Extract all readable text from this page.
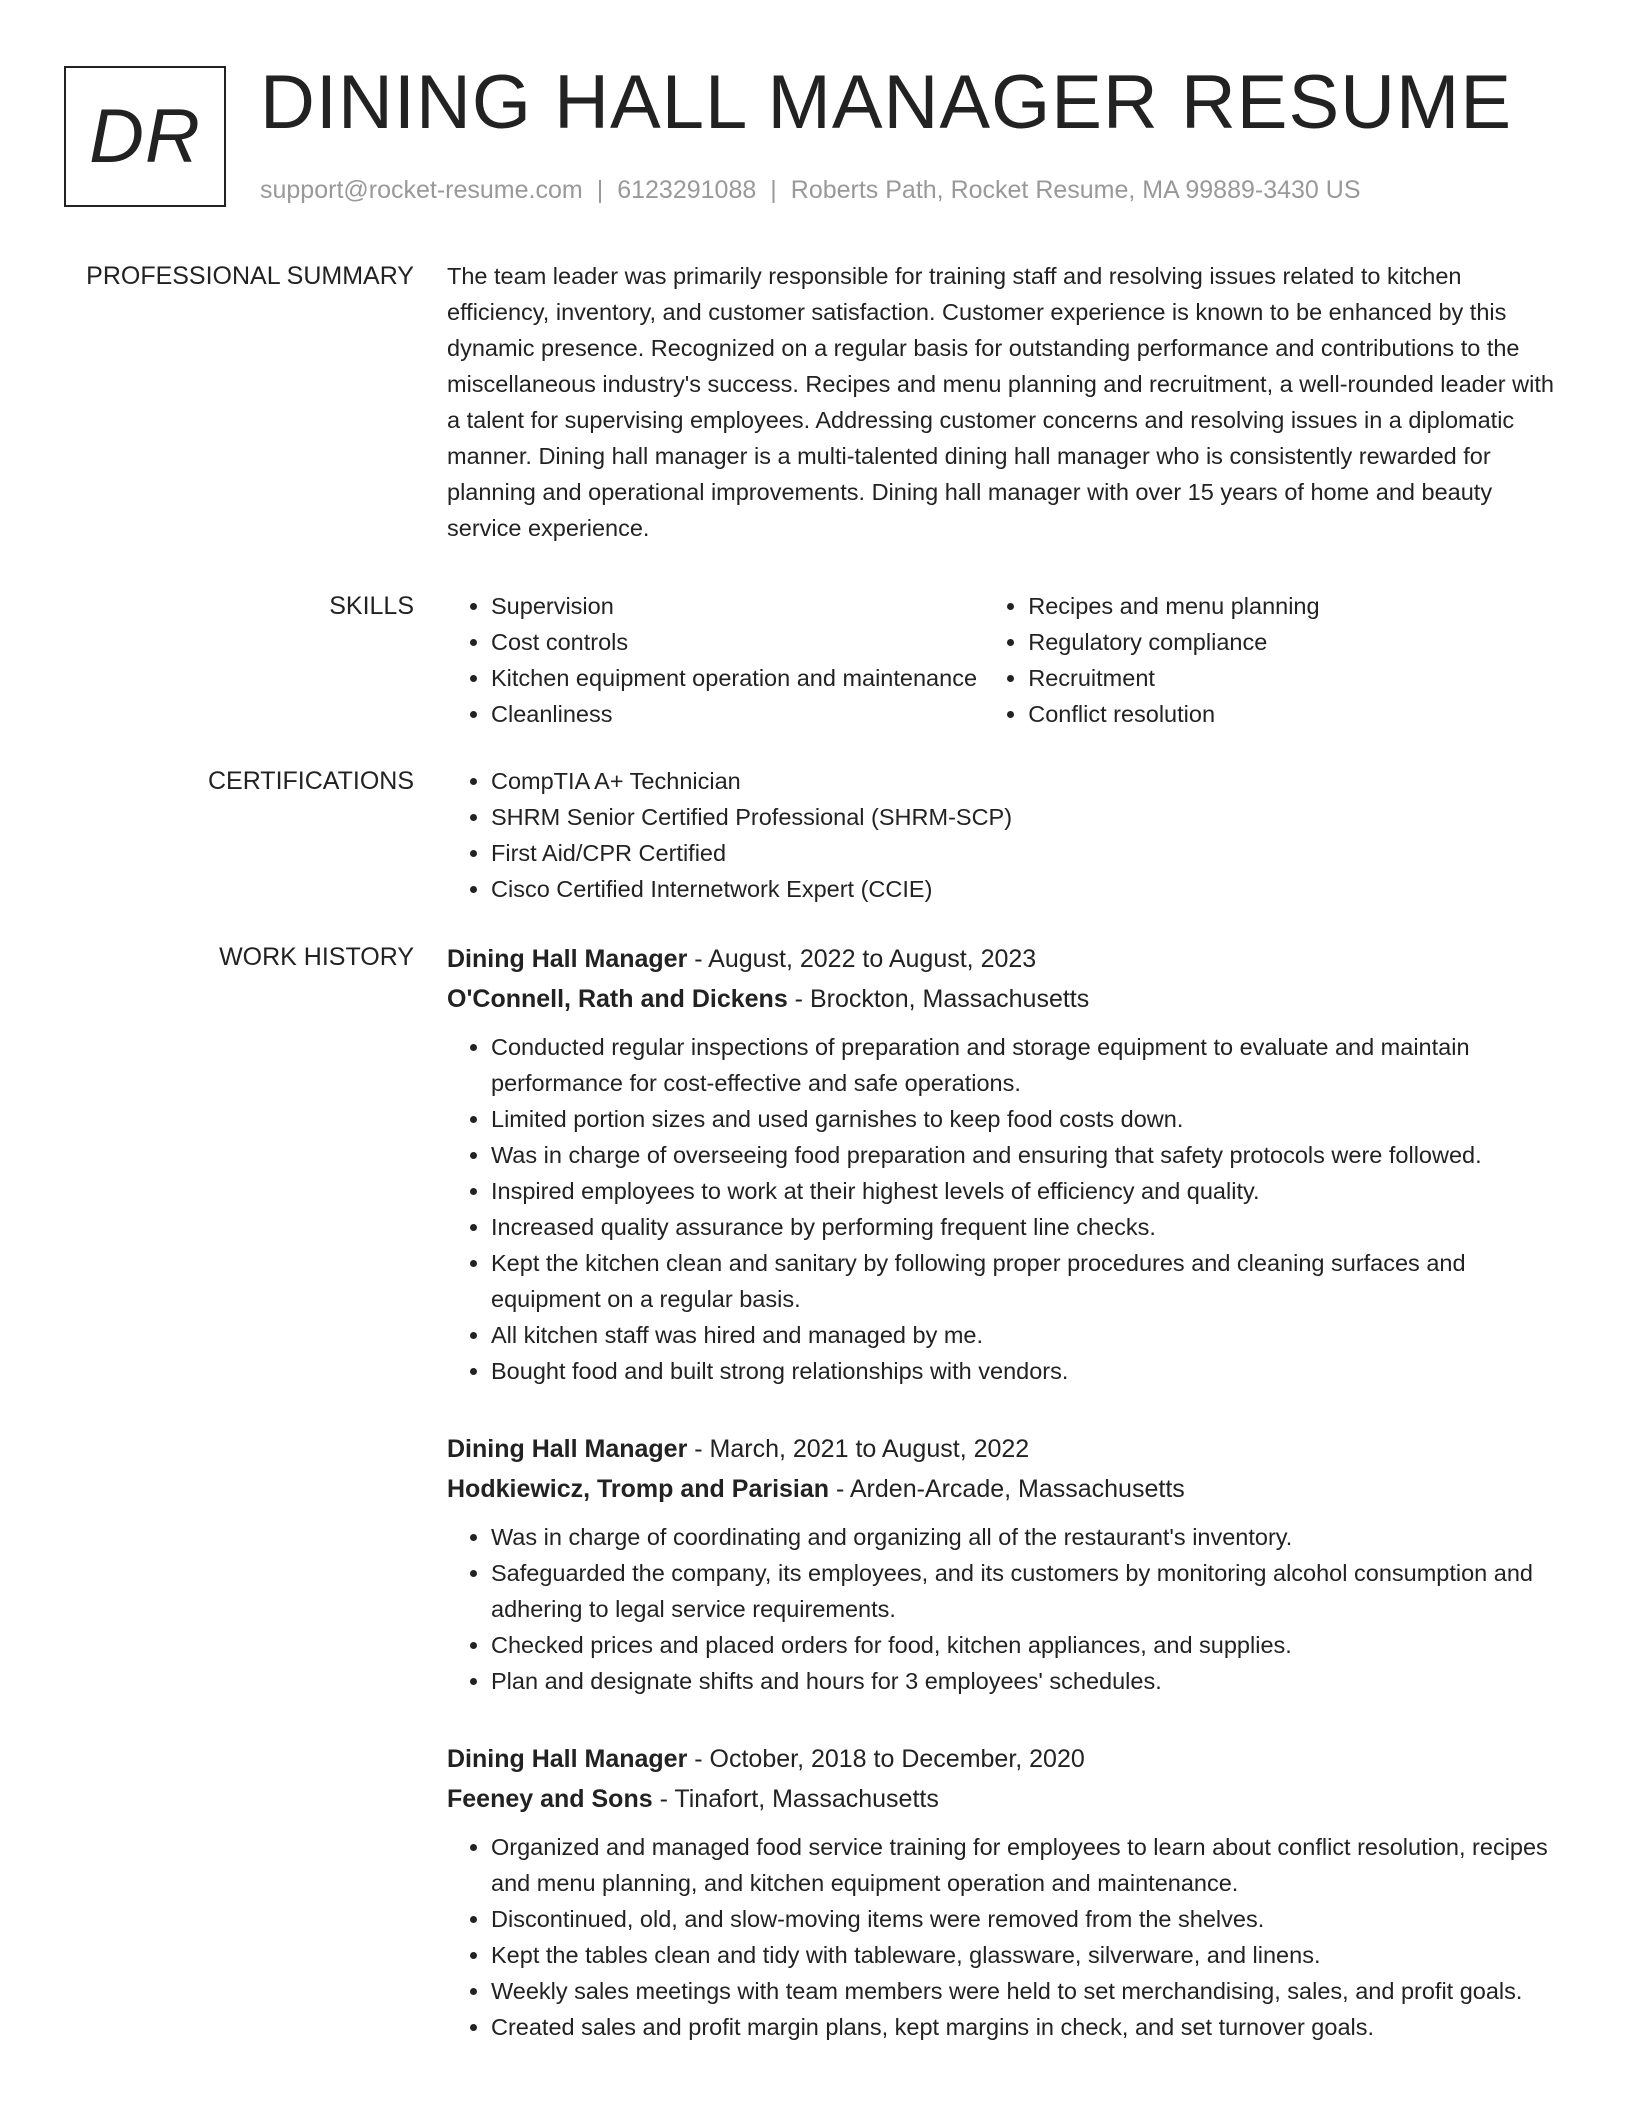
DR DINING HALL MANAGER RESUME
support@rocket-resume.com | 6123291088 | Roberts Path, Rocket Resume, MA 99889-3430 US
PROFESSIONAL SUMMARY The team leader was primarily responsible for training staff and resolving issues related to kitchen efficiency, inventory, and customer satisfaction. Customer experience is known to be enhanced by this dynamic presence. Recognized on a regular basis for outstanding performance and contributions to the miscellaneous industry's success. Recipes and menu planning and recruitment, a well-rounded leader with a talent for supervising employees. Addressing customer concerns and resolving issues in a diplomatic manner. Dining hall manager is a multi-talented dining hall manager who is consistently rewarded for planning and operational improvements. Dining hall manager with over 15 years of home and beauty service experience.

SKILLS	• Supervision
• Cost controls
• Kitchen equipment operation and maintenance
• Cleanliness
• Recipes and menu planning
• Regulatory compliance
• Recruitment
• Conflict resolution
CERTIFICATIONS	• CompTIA A+ Technician
• SHRM Senior Certified Professional (SHRM-SCP)
• First Aid/CPR Certified
• Cisco Certified Internetwork Expert (CCIE)
WORK HISTORY Dining Hall Manager - August, 2022 to August, 2023
O'Connell, Rath and Dickens - Brockton, Massachusetts
• Conducted regular inspections of preparation and storage equipment to evaluate and maintain performance for cost-effective and safe operations.
• Limited portion sizes and used garnishes to keep food costs down.
• Was in charge of overseeing food preparation and ensuring that safety protocols were followed.
• Inspired employees to work at their highest levels of efficiency and quality.
• Increased quality assurance by performing frequent line checks.
• Kept the kitchen clean and sanitary by following proper procedures and cleaning surfaces and equipment on a regular basis.
• All kitchen staff was hired and managed by me.
• Bought food and built strong relationships with vendors.
Dining Hall Manager - March, 2021 to August, 2022
Hodkiewicz, Tromp and Parisian - Arden-Arcade, Massachusetts
• Was in charge of coordinating and organizing all of the restaurant's inventory.
• Safeguarded the company, its employees, and its customers by monitoring alcohol consumption and adhering to legal service requirements.
• Checked prices and placed orders for food, kitchen appliances, and supplies.
• Plan and designate shifts and hours for 3 employees' schedules.
Dining Hall Manager - October, 2018 to December, 2020
Feeney and Sons - Tinafort, Massachusetts
• Organized and managed food service training for employees to learn about conflict resolution, recipes and menu planning, and kitchen equipment operation and maintenance.
• Discontinued, old, and slow-moving items were removed from the shelves.
• Kept the tables clean and tidy with tableware, glassware, silverware, and linens.
• Weekly sales meetings with team members were held to set merchandising, sales, and profit goals.
• Created sales and profit margin plans, kept margins in check, and set turnover goals.
